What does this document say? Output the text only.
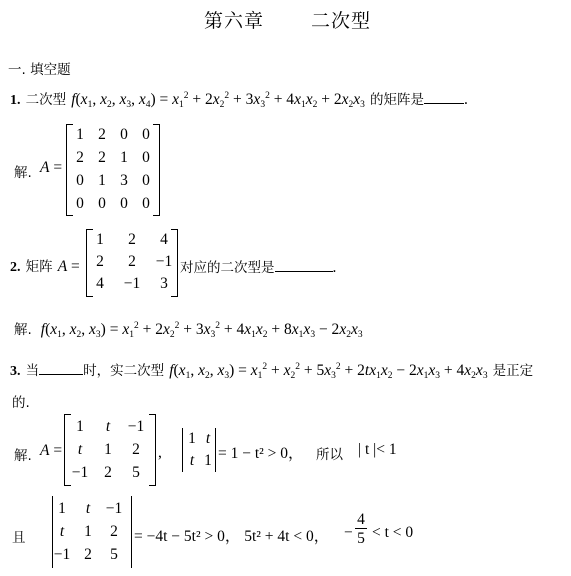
第六章 二次型
一. 填空题
1. 二次型 $f(x_1$, $x_2$, $x_3$, $x_4) = x_1^2 + 2x_2^2 + 3x_3^2 + 4x_1x_2 + 2x_2x_3$ 的矩阵是	.
解. A =
1 2 0 0
2 2 1 0
0 1 3 0
0 0 0 0
2. 矩阵 A =
1	2	4
2	2	−1
4	−1	3
对应的二次型是	.
解. $f(x_1$, $x_2$, $x_3) = x_1^2 + 2x_2^2 + 3x_3^2 + 4x_1x_2 + 8x_1x_3 - 2x_2x_3$
3. 当	时，实二次型 $f(x_1$, $x_2$, $x_3) = x_1^2 + x_2^2 + 5x_3^2 + 2tx_1x_2 - 2x_1x_3 + 4x_2x_3$ 是正定
的.
解. A =
1	t	−1
t	1	2
−1	2	5
,
1 t
t 1 = 1 − t² > 0， 所以 | t |< 1
且
1	t	−1
t	1	2
−1 2	5
= −4t − 5t² > 0， 5t² + 4t < 0， −
4
5 < t < 0
